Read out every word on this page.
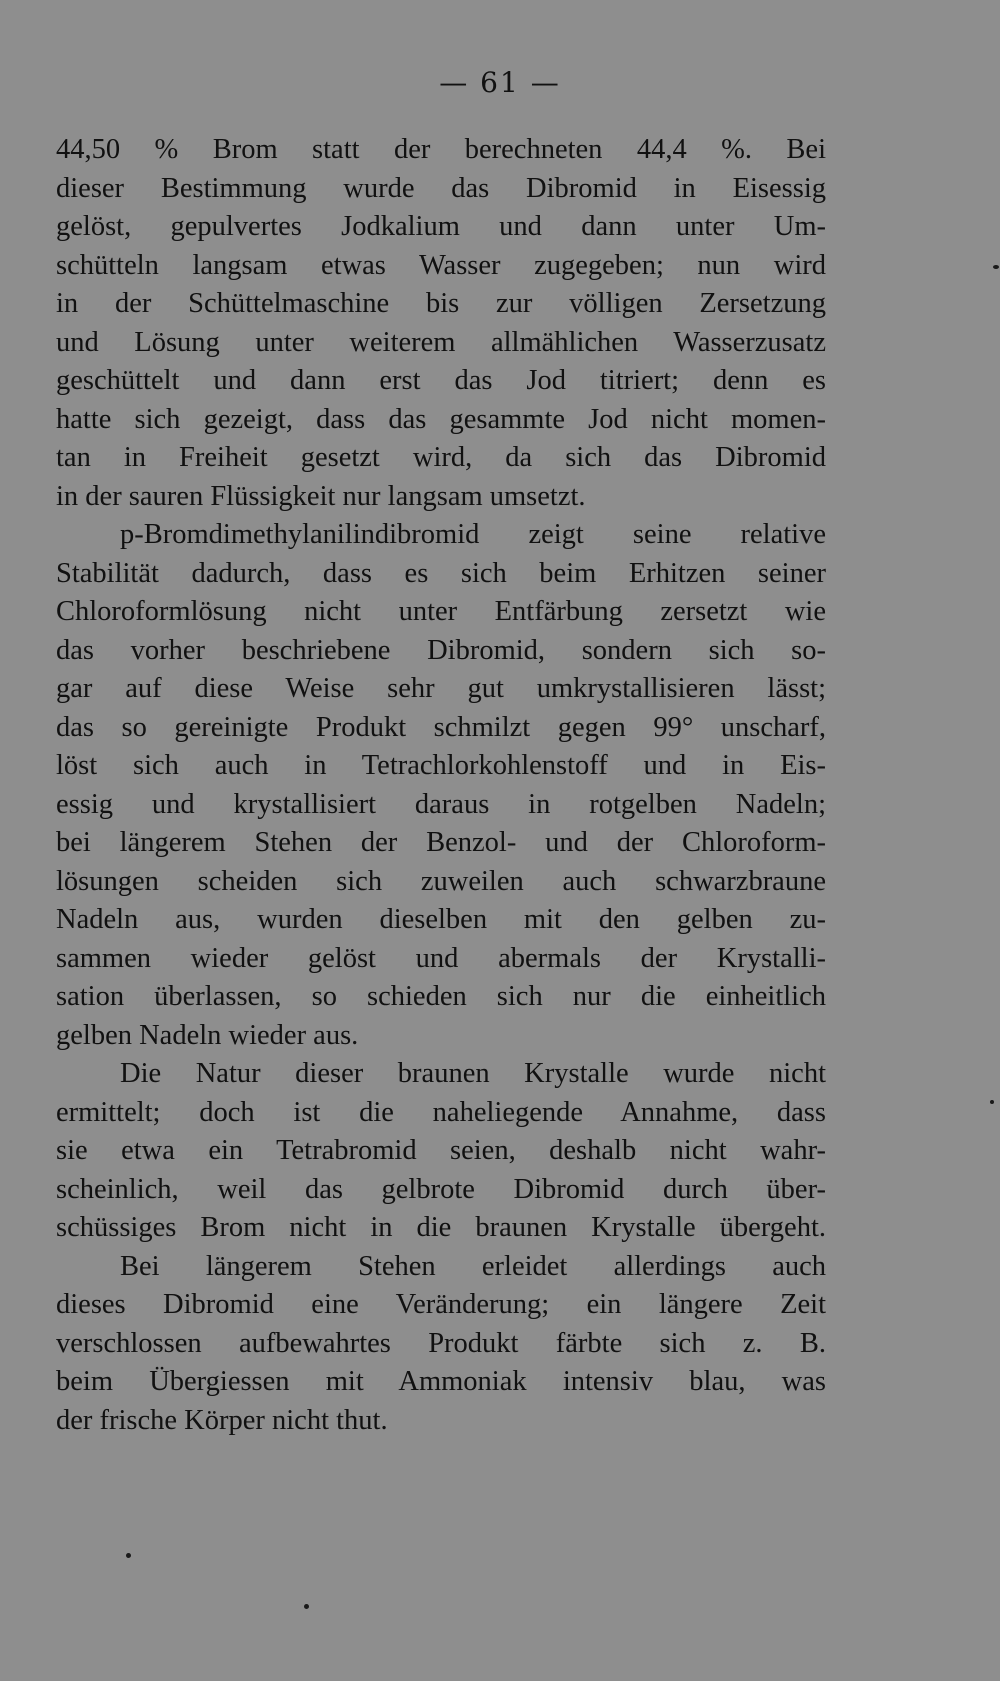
— 61 —
44,50 % Brom statt der berechneten 44,4 %. Bei
dieser Bestimmung wurde das Dibromid in Eisessig
gelöst, gepulvertes Jodkalium und dann unter Um-
schütteln langsam etwas Wasser zugegeben; nun wird
in der Schüttelmaschine bis zur völligen Zersetzung
und Lösung unter weiterem allmählichen Wasserzusatz
geschüttelt und dann erst das Jod titriert; denn es
hatte sich gezeigt, dass das gesammte Jod nicht momen-
tan in Freiheit gesetzt wird, da sich das Dibromid
in der sauren Flüssigkeit nur langsam umsetzt.
p-Bromdimethylanilindibromid zeigt seine relative
Stabilität dadurch, dass es sich beim Erhitzen seiner
Chloroformlösung nicht unter Entfärbung zersetzt wie
das vorher beschriebene Dibromid, sondern sich so-
gar auf diese Weise sehr gut umkrystallisieren lässt;
das so gereinigte Produkt schmilzt gegen 99° unscharf,
löst sich auch in Tetrachlorkohlenstoff und in Eis-
essig und krystallisiert daraus in rotgelben Nadeln;
bei längerem Stehen der Benzol- und der Chloroform-
lösungen scheiden sich zuweilen auch schwarzbraune
Nadeln aus, wurden dieselben mit den gelben zu-
sammen wieder gelöst und abermals der Krystalli-
sation überlassen, so schieden sich nur die einheitlich
gelben Nadeln wieder aus.
Die Natur dieser braunen Krystalle wurde nicht
ermittelt; doch ist die naheliegende Annahme, dass
sie etwa ein Tetrabromid seien, deshalb nicht wahr-
scheinlich, weil das gelbrote Dibromid durch über-
schüssiges Brom nicht in die braunen Krystalle übergeht.
Bei längerem Stehen erleidet allerdings auch
dieses Dibromid eine Veränderung; ein längere Zeit
verschlossen aufbewahrtes Produkt färbte sich z. B.
beim Übergiessen mit Ammoniak intensiv blau, was
der frische Körper nicht thut.
